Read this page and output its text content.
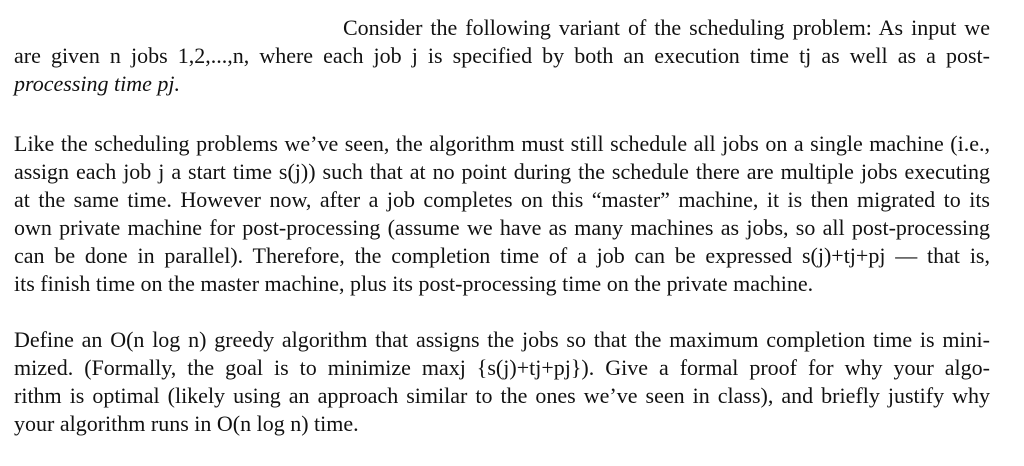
Consider the following variant of the scheduling problem: As input we
are given n jobs 1,2,...,n, where each job j is specified by both an execution time tj as well as a post-
processing time pj.
Like the scheduling problems we’ve seen, the algorithm must still schedule all jobs on a single machine (i.e.,
assign each job j a start time s(j)) such that at no point during the schedule there are multiple jobs executing
at the same time. However now, after a job completes on this “master” machine, it is then migrated to its
own private machine for post-processing (assume we have as many machines as jobs, so all post-processing
can be done in parallel). Therefore, the completion time of a job can be expressed s(j)+tj+pj — that is,
its finish time on the master machine, plus its post-processing time on the private machine.
Define an O(n log n) greedy algorithm that assigns the jobs so that the maximum completion time is mini-
mized. (Formally, the goal is to minimize maxj {s(j)+tj+pj}). Give a formal proof for why your algo-
rithm is optimal (likely using an approach similar to the ones we’ve seen in class), and briefly justify why
your algorithm runs in O(n log n) time.
